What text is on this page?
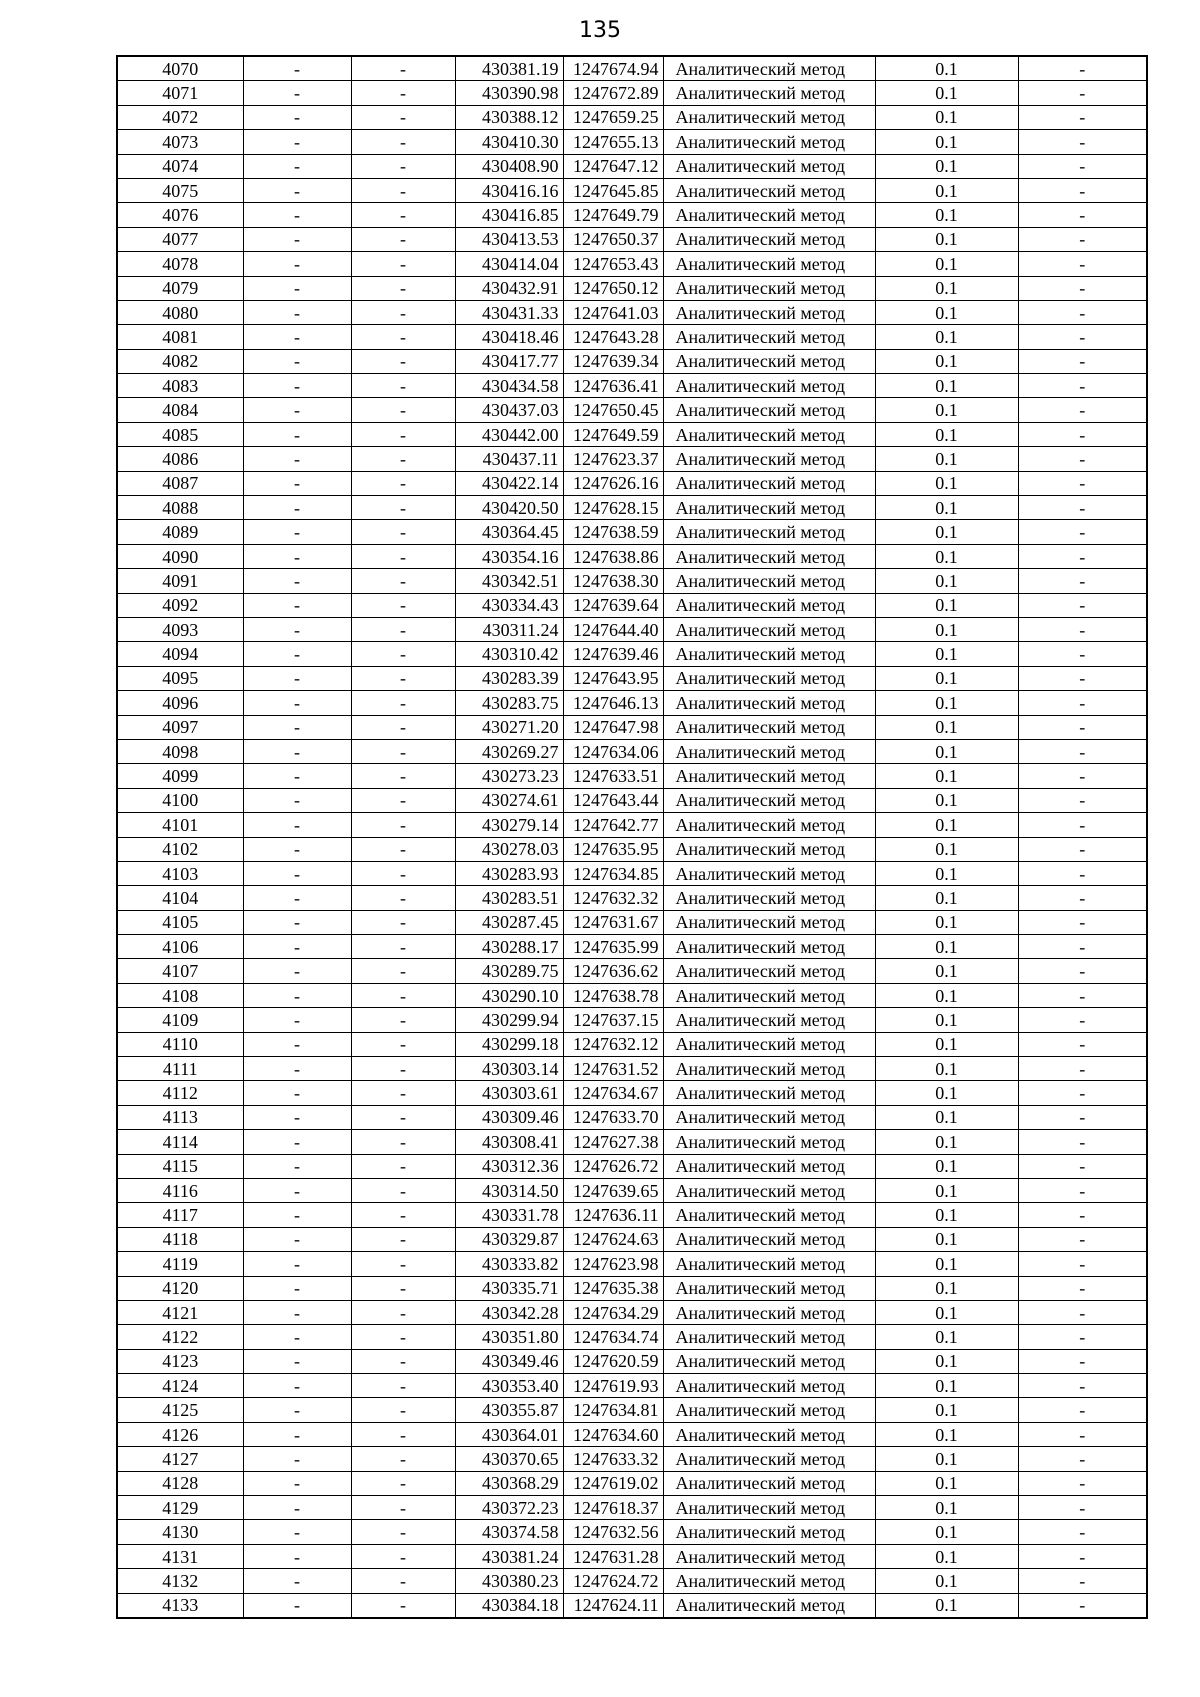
135
4070	-	-	430381.19	1247674.94	Аналитический метод	0.1	-
4071	-	-	430390.98	1247672.89	Аналитический метод	0.1	-
4072	-	-	430388.12	1247659.25	Аналитический метод	0.1	-
4073	-	-	430410.30	1247655.13	Аналитический метод	0.1	-
4074	-	-	430408.90	1247647.12	Аналитический метод	0.1	-
4075	-	-	430416.16	1247645.85	Аналитический метод	0.1	-
4076	-	-	430416.85	1247649.79	Аналитический метод	0.1	-
4077	-	-	430413.53	1247650.37	Аналитический метод	0.1	-
4078	-	-	430414.04	1247653.43	Аналитический метод	0.1	-
4079	-	-	430432.91	1247650.12	Аналитический метод	0.1	-
4080	-	-	430431.33	1247641.03	Аналитический метод	0.1	-
4081	-	-	430418.46	1247643.28	Аналитический метод	0.1	-
4082	-	-	430417.77	1247639.34	Аналитический метод	0.1	-
4083	-	-	430434.58	1247636.41	Аналитический метод	0.1	-
4084	-	-	430437.03	1247650.45	Аналитический метод	0.1	-
4085	-	-	430442.00	1247649.59	Аналитический метод	0.1	-
4086	-	-	430437.11	1247623.37	Аналитический метод	0.1	-
4087	-	-	430422.14	1247626.16	Аналитический метод	0.1	-
4088	-	-	430420.50	1247628.15	Аналитический метод	0.1	-
4089	-	-	430364.45	1247638.59	Аналитический метод	0.1	-
4090	-	-	430354.16	1247638.86	Аналитический метод	0.1	-
4091	-	-	430342.51	1247638.30	Аналитический метод	0.1	-
4092	-	-	430334.43	1247639.64	Аналитический метод	0.1	-
4093	-	-	430311.24	1247644.40	Аналитический метод	0.1	-
4094	-	-	430310.42	1247639.46	Аналитический метод	0.1	-
4095	-	-	430283.39	1247643.95	Аналитический метод	0.1	-
4096	-	-	430283.75	1247646.13	Аналитический метод	0.1	-
4097	-	-	430271.20	1247647.98	Аналитический метод	0.1	-
4098	-	-	430269.27	1247634.06	Аналитический метод	0.1	-
4099	-	-	430273.23	1247633.51	Аналитический метод	0.1	-
4100	-	-	430274.61	1247643.44	Аналитический метод	0.1	-
4101	-	-	430279.14	1247642.77	Аналитический метод	0.1	-
4102	-	-	430278.03	1247635.95	Аналитический метод	0.1	-
4103	-	-	430283.93	1247634.85	Аналитический метод	0.1	-
4104	-	-	430283.51	1247632.32	Аналитический метод	0.1	-
4105	-	-	430287.45	1247631.67	Аналитический метод	0.1	-
4106	-	-	430288.17	1247635.99	Аналитический метод	0.1	-
4107	-	-	430289.75	1247636.62	Аналитический метод	0.1	-
4108	-	-	430290.10	1247638.78	Аналитический метод	0.1	-
4109	-	-	430299.94	1247637.15	Аналитический метод	0.1	-
4110	-	-	430299.18	1247632.12	Аналитический метод	0.1	-
4111	-	-	430303.14	1247631.52	Аналитический метод	0.1	-
4112	-	-	430303.61	1247634.67	Аналитический метод	0.1	-
4113	-	-	430309.46	1247633.70	Аналитический метод	0.1	-
4114	-	-	430308.41	1247627.38	Аналитический метод	0.1	-
4115	-	-	430312.36	1247626.72	Аналитический метод	0.1	-
4116	-	-	430314.50	1247639.65	Аналитический метод	0.1	-
4117	-	-	430331.78	1247636.11	Аналитический метод	0.1	-
4118	-	-	430329.87	1247624.63	Аналитический метод	0.1	-
4119	-	-	430333.82	1247623.98	Аналитический метод	0.1	-
4120	-	-	430335.71	1247635.38	Аналитический метод	0.1	-
4121	-	-	430342.28	1247634.29	Аналитический метод	0.1	-
4122	-	-	430351.80	1247634.74	Аналитический метод	0.1	-
4123	-	-	430349.46	1247620.59	Аналитический метод	0.1	-
4124	-	-	430353.40	1247619.93	Аналитический метод	0.1	-
4125	-	-	430355.87	1247634.81	Аналитический метод	0.1	-
4126	-	-	430364.01	1247634.60	Аналитический метод	0.1	-
4127	-	-	430370.65	1247633.32	Аналитический метод	0.1	-
4128	-	-	430368.29	1247619.02	Аналитический метод	0.1	-
4129	-	-	430372.23	1247618.37	Аналитический метод	0.1	-
4130	-	-	430374.58	1247632.56	Аналитический метод	0.1	-
4131	-	-	430381.24	1247631.28	Аналитический метод	0.1	-
4132	-	-	430380.23	1247624.72	Аналитический метод	0.1	-
4133	-	-	430384.18	1247624.11	Аналитический метод	0.1	-
